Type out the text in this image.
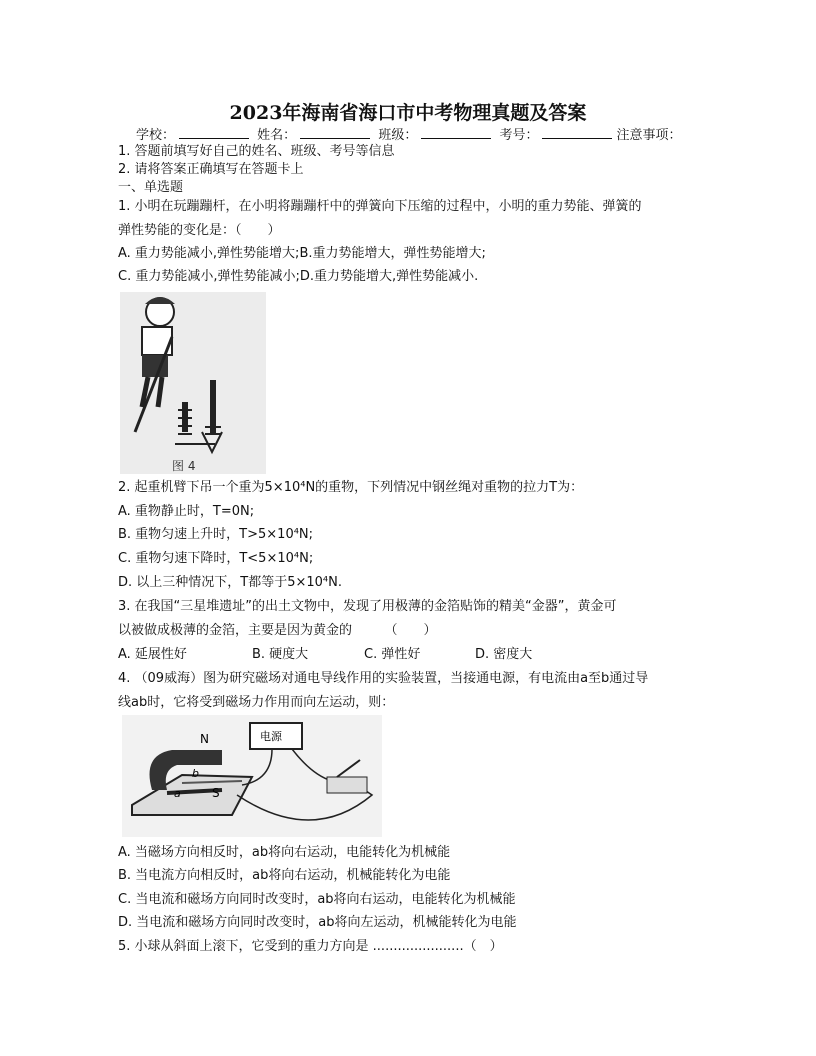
2023年海南省海口市中考物理真题及答案
学校：	姓名：	班级：	考号：	注意事项：
1. 答题前填写好自己的姓名、班级、考号等信息
2. 请将答案正确填写在答题卡上
一、单选题
1. 小明在玩蹦蹦杆，在小明将蹦蹦杆中的弹簧向下压缩的过程中，小明的重力势能、弹簧的
弹性势能的变化是：（　　）
A. 重力势能减小,弹性势能增大;B.重力势能增大，弹性势能增大;
C. 重力势能减小,弹性势能减小;D.重力势能增大,弹性势能减小.
图 4
2. 起重机臂下吊一个重为5×10⁴N的重物，下列情况中钢丝绳对重物的拉力T为：
A. 重物静止时，T=0N;
B. 重物匀速上升时，T>5×10⁴N;
C. 重物匀速下降时，T<5×10⁴N;
D. 以上三种情况下，T都等于5×10⁴N.
3. 在我国“三星堆遗址”的出土文物中，发现了用极薄的金箔贴饰的精美“金器”，黄金可
以被做成极薄的金箔，主要是因为黄金的　　　（　　）
A. 延展性好	B. 硬度大	C. 弹性好	D. 密度大
4. （09威海）图为研究磁场对通电导线作用的实验装置，当接通电源，有电流由a至b通过导
线ab时，它将受到磁场力作用而向左运动，则：
N
S
b
a
电源
A. 当磁场方向相反时，ab将向右运动，电能转化为机械能
B. 当电流方向相反时，ab将向右运动，机械能转化为电能
C. 当电流和磁场方向同时改变时，ab将向右运动，电能转化为机械能
D. 当电流和磁场方向同时改变时，ab将向左运动，机械能转化为电能
5. 小球从斜面上滚下，它受到的重力方向是 ......................（　）
